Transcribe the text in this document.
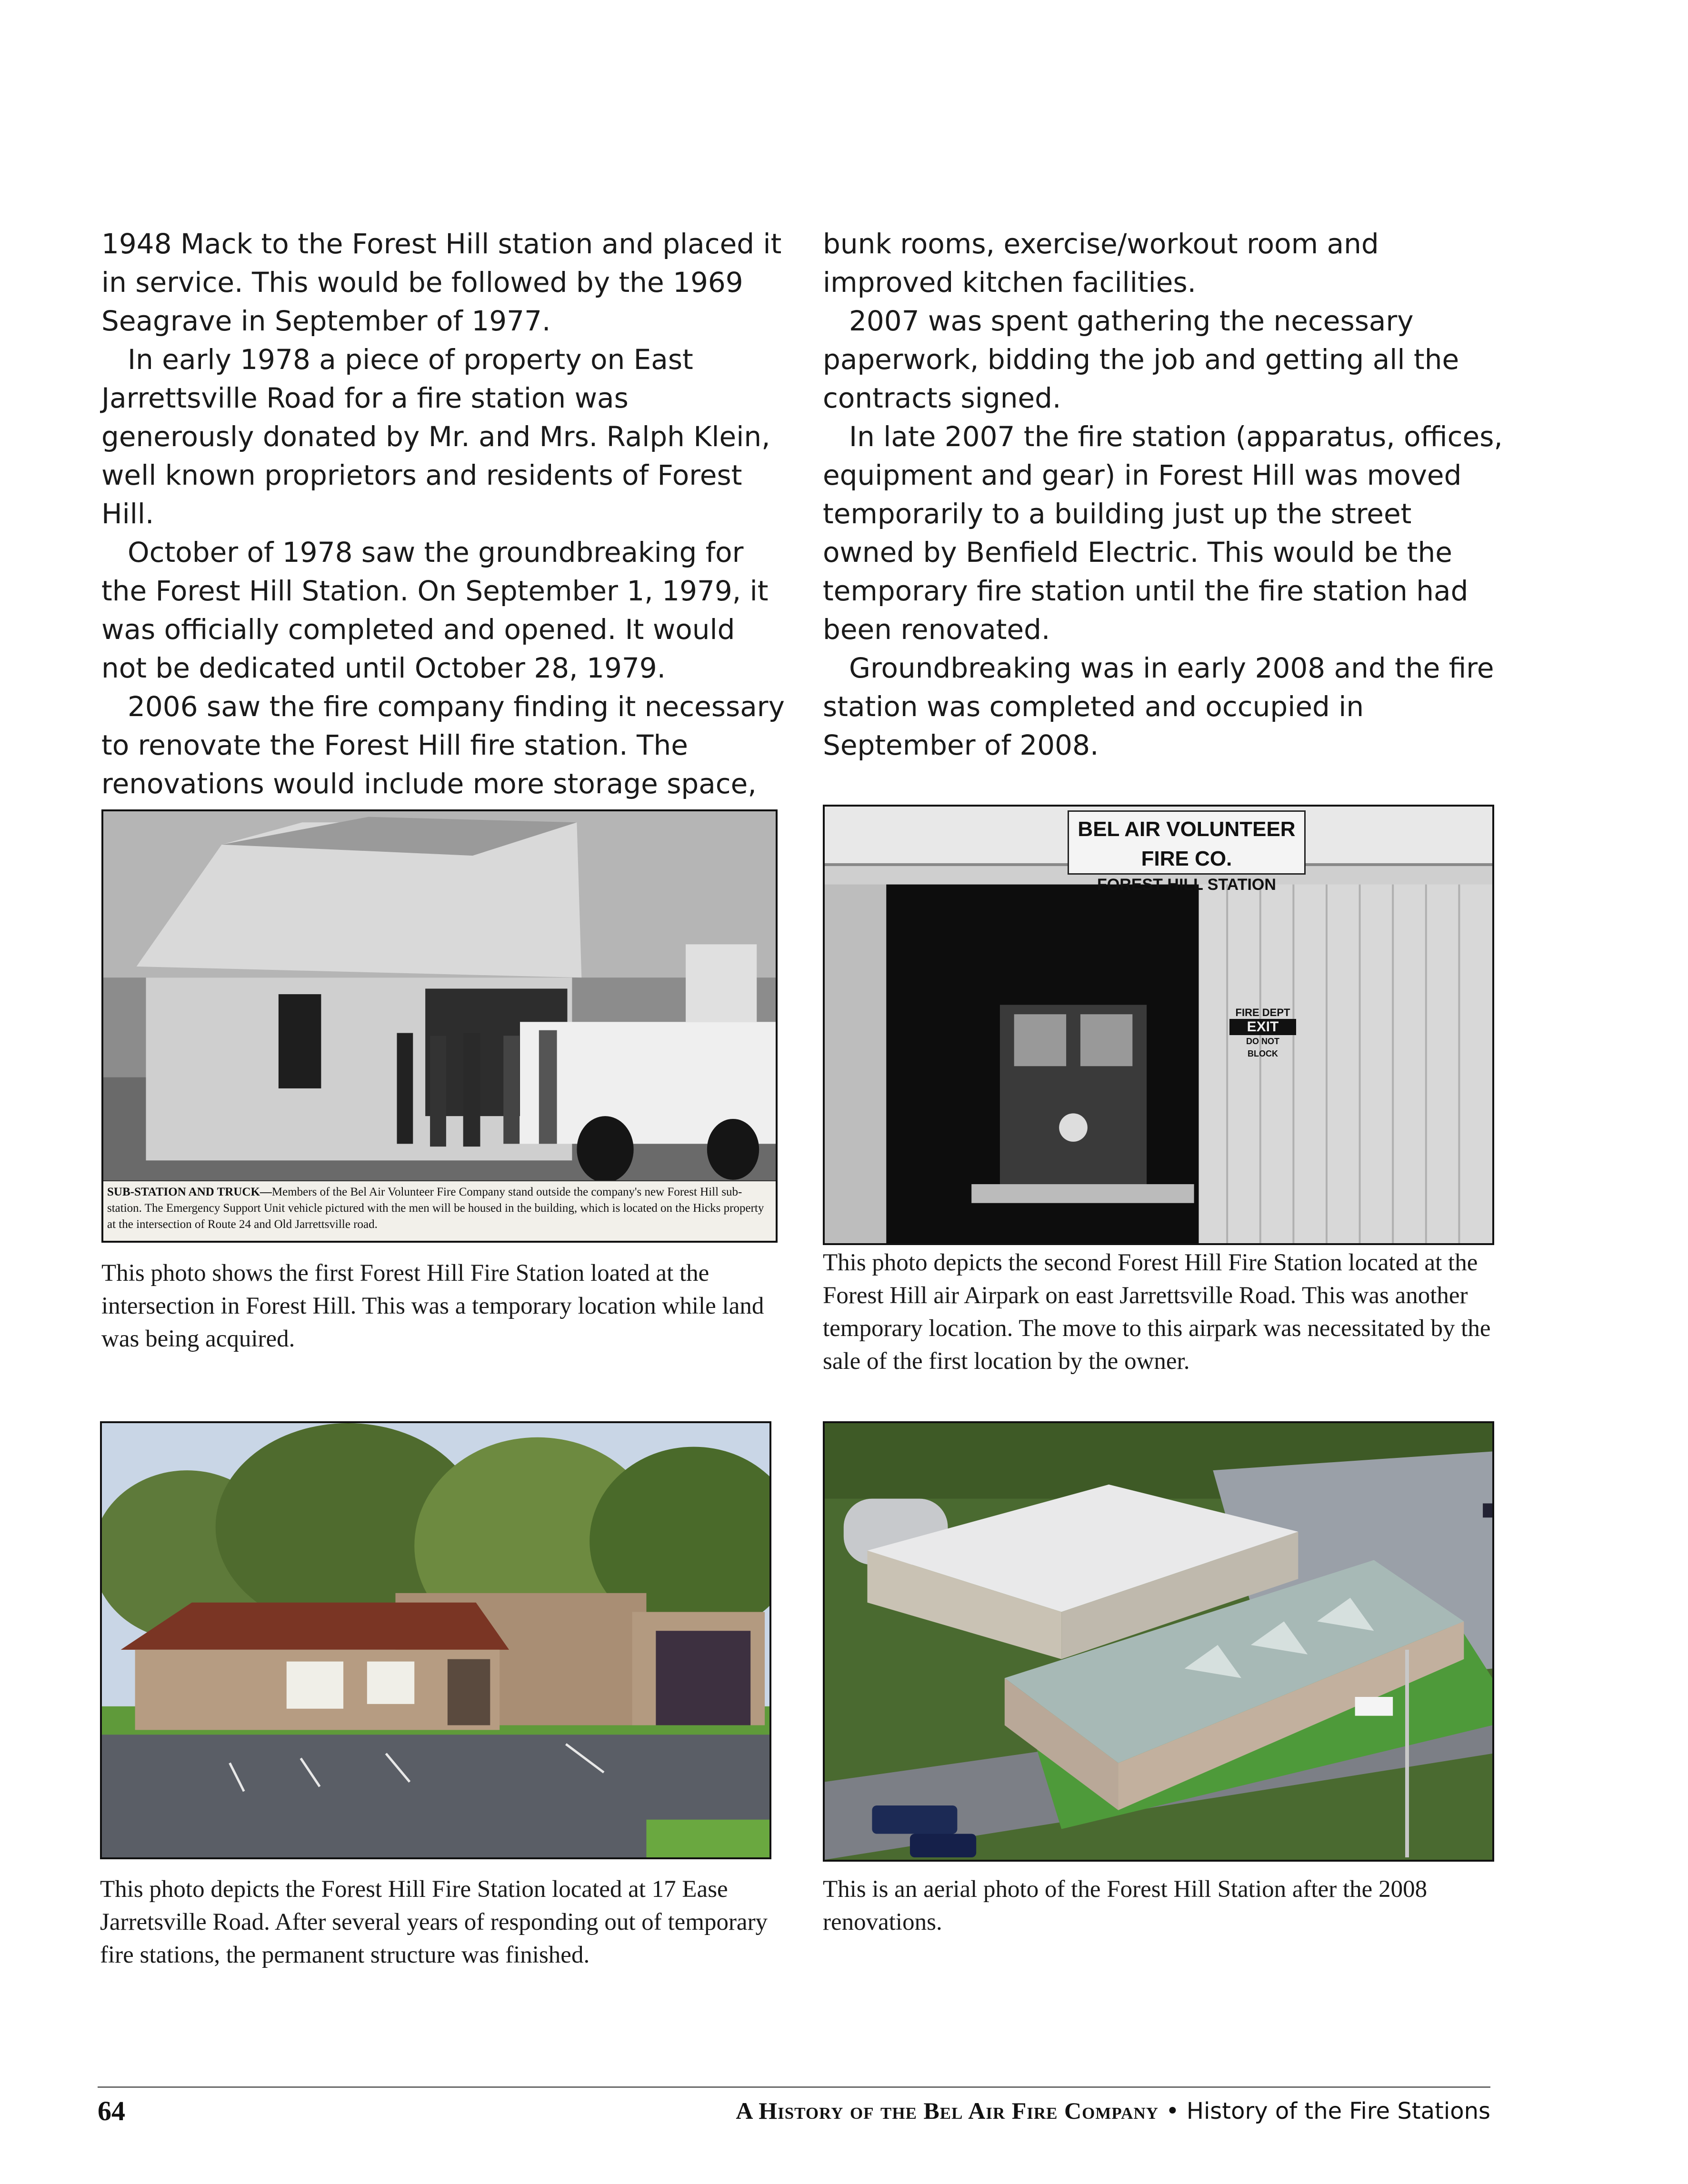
1948 Mack to the Forest Hill station and placed it in service. This would be followed by the 1969 Seagrave in September of 1977.

In early 1978 a piece of property on East Jarrettsville Road for a fire station was generously donated by Mr. and Mrs. Ralph Klein, well known proprietors and residents of Forest Hill.

October of 1978 saw the groundbreaking for the Forest Hill Station. On September 1, 1979, it was officially completed and opened. It would not be dedicated until October 28, 1979.

2006 saw the fire company finding it necessary to renovate the Forest Hill fire station. The renovations would include more storage space,

bunk rooms, exercise/workout room and improved kitchen facilities.

2007 was spent gathering the necessary paperwork, bidding the job and getting all the contracts signed.

In late 2007 the fire station (apparatus, offices, equipment and gear) in Forest Hill was moved temporarily to a building just up the street owned by Benfield Electric. This would be the temporary fire station until the fire station had been renovated.

Groundbreaking was in early 2008 and the fire station was completed and occupied in September of 2008.

SUB-STATION AND TRUCK—Members of the Bel Air Volunteer Fire Company stand outside the company's new Forest Hill sub-station. The Emergency Support Unit vehicle pictured with the men will be housed in the building, which is located on the Hicks property at the intersection of Route 24 and Old Jarrettsville road.

This photo shows the first Forest Hill Fire Station loated at the intersection in Forest Hill. This was a temporary location while land was being acquired.

BEL AIR VOLUNTEER FIRE CO.
FOREST HILL STATION
FIRE DEPT
EXIT
DO NOT
BLOCK

This photo depicts the second Forest Hill Fire Station located at the Forest Hill air Airpark on east Jarrettsville Road. This was another temporary location. The move to this airpark was necessitated by the sale of the first location by the owner.

This photo depicts the Forest Hill Fire Station located at 17 Ease Jarretsville Road. After several years of responding out of temporary fire stations, the permanent structure was finished.

This is an aerial photo of the Forest Hill Station after the 2008 renovations.

64	A History of the Bel Air Fire Company • History of the Fire Stations
